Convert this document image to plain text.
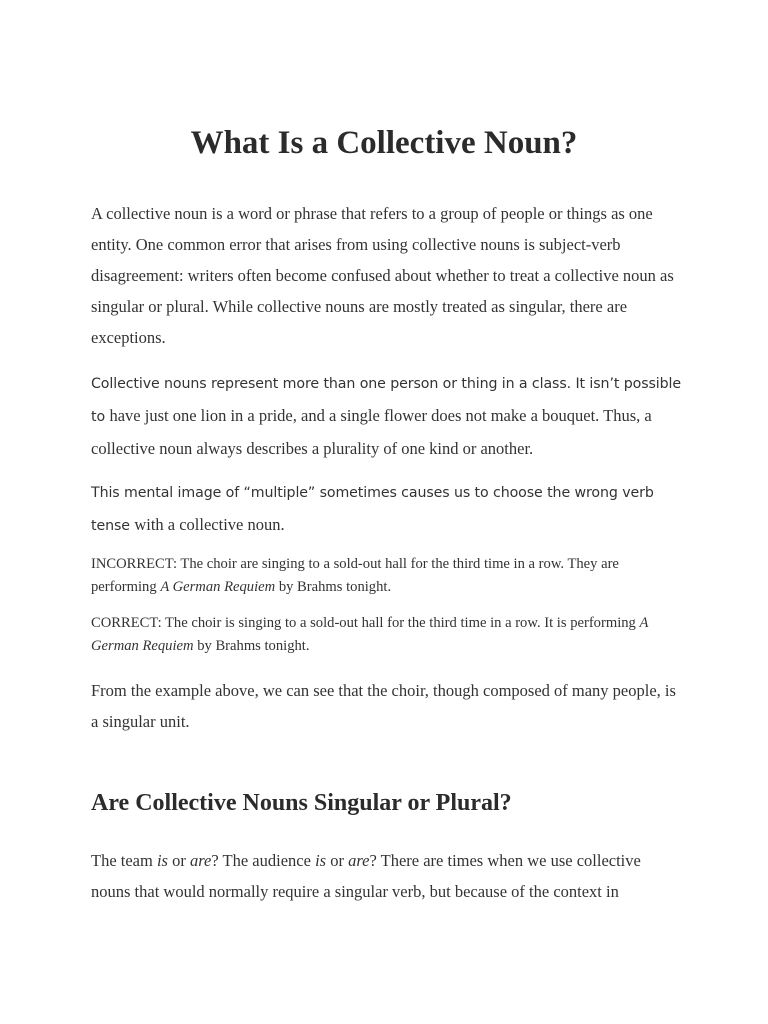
What Is a Collective Noun?

A collective noun is a word or phrase that refers to a group of people or things as one entity. One common error that arises from using collective nouns is subject-verb disagreement: writers often become confused about whether to treat a collective noun as singular or plural. While collective nouns are mostly treated as singular, there are exceptions.

Collective nouns represent more than one person or thing in a class. It isn’t possible to have just one lion in a pride, and a single flower does not make a bouquet. Thus, a collective noun always describes a plurality of one kind or another.

This mental image of “multiple” sometimes causes us to choose the wrong verb tense with a collective noun.

INCORRECT: The choir are singing to a sold-out hall for the third time in a row. They are performing A German Requiem by Brahms tonight.

CORRECT: The choir is singing to a sold-out hall for the third time in a row. It is performing A German Requiem by Brahms tonight.

From the example above, we can see that the choir, though composed of many people, is a singular unit.

Are Collective Nouns Singular or Plural?

The team is or are? The audience is or are? There are times when we use collective nouns that would normally require a singular verb, but because of the context in
